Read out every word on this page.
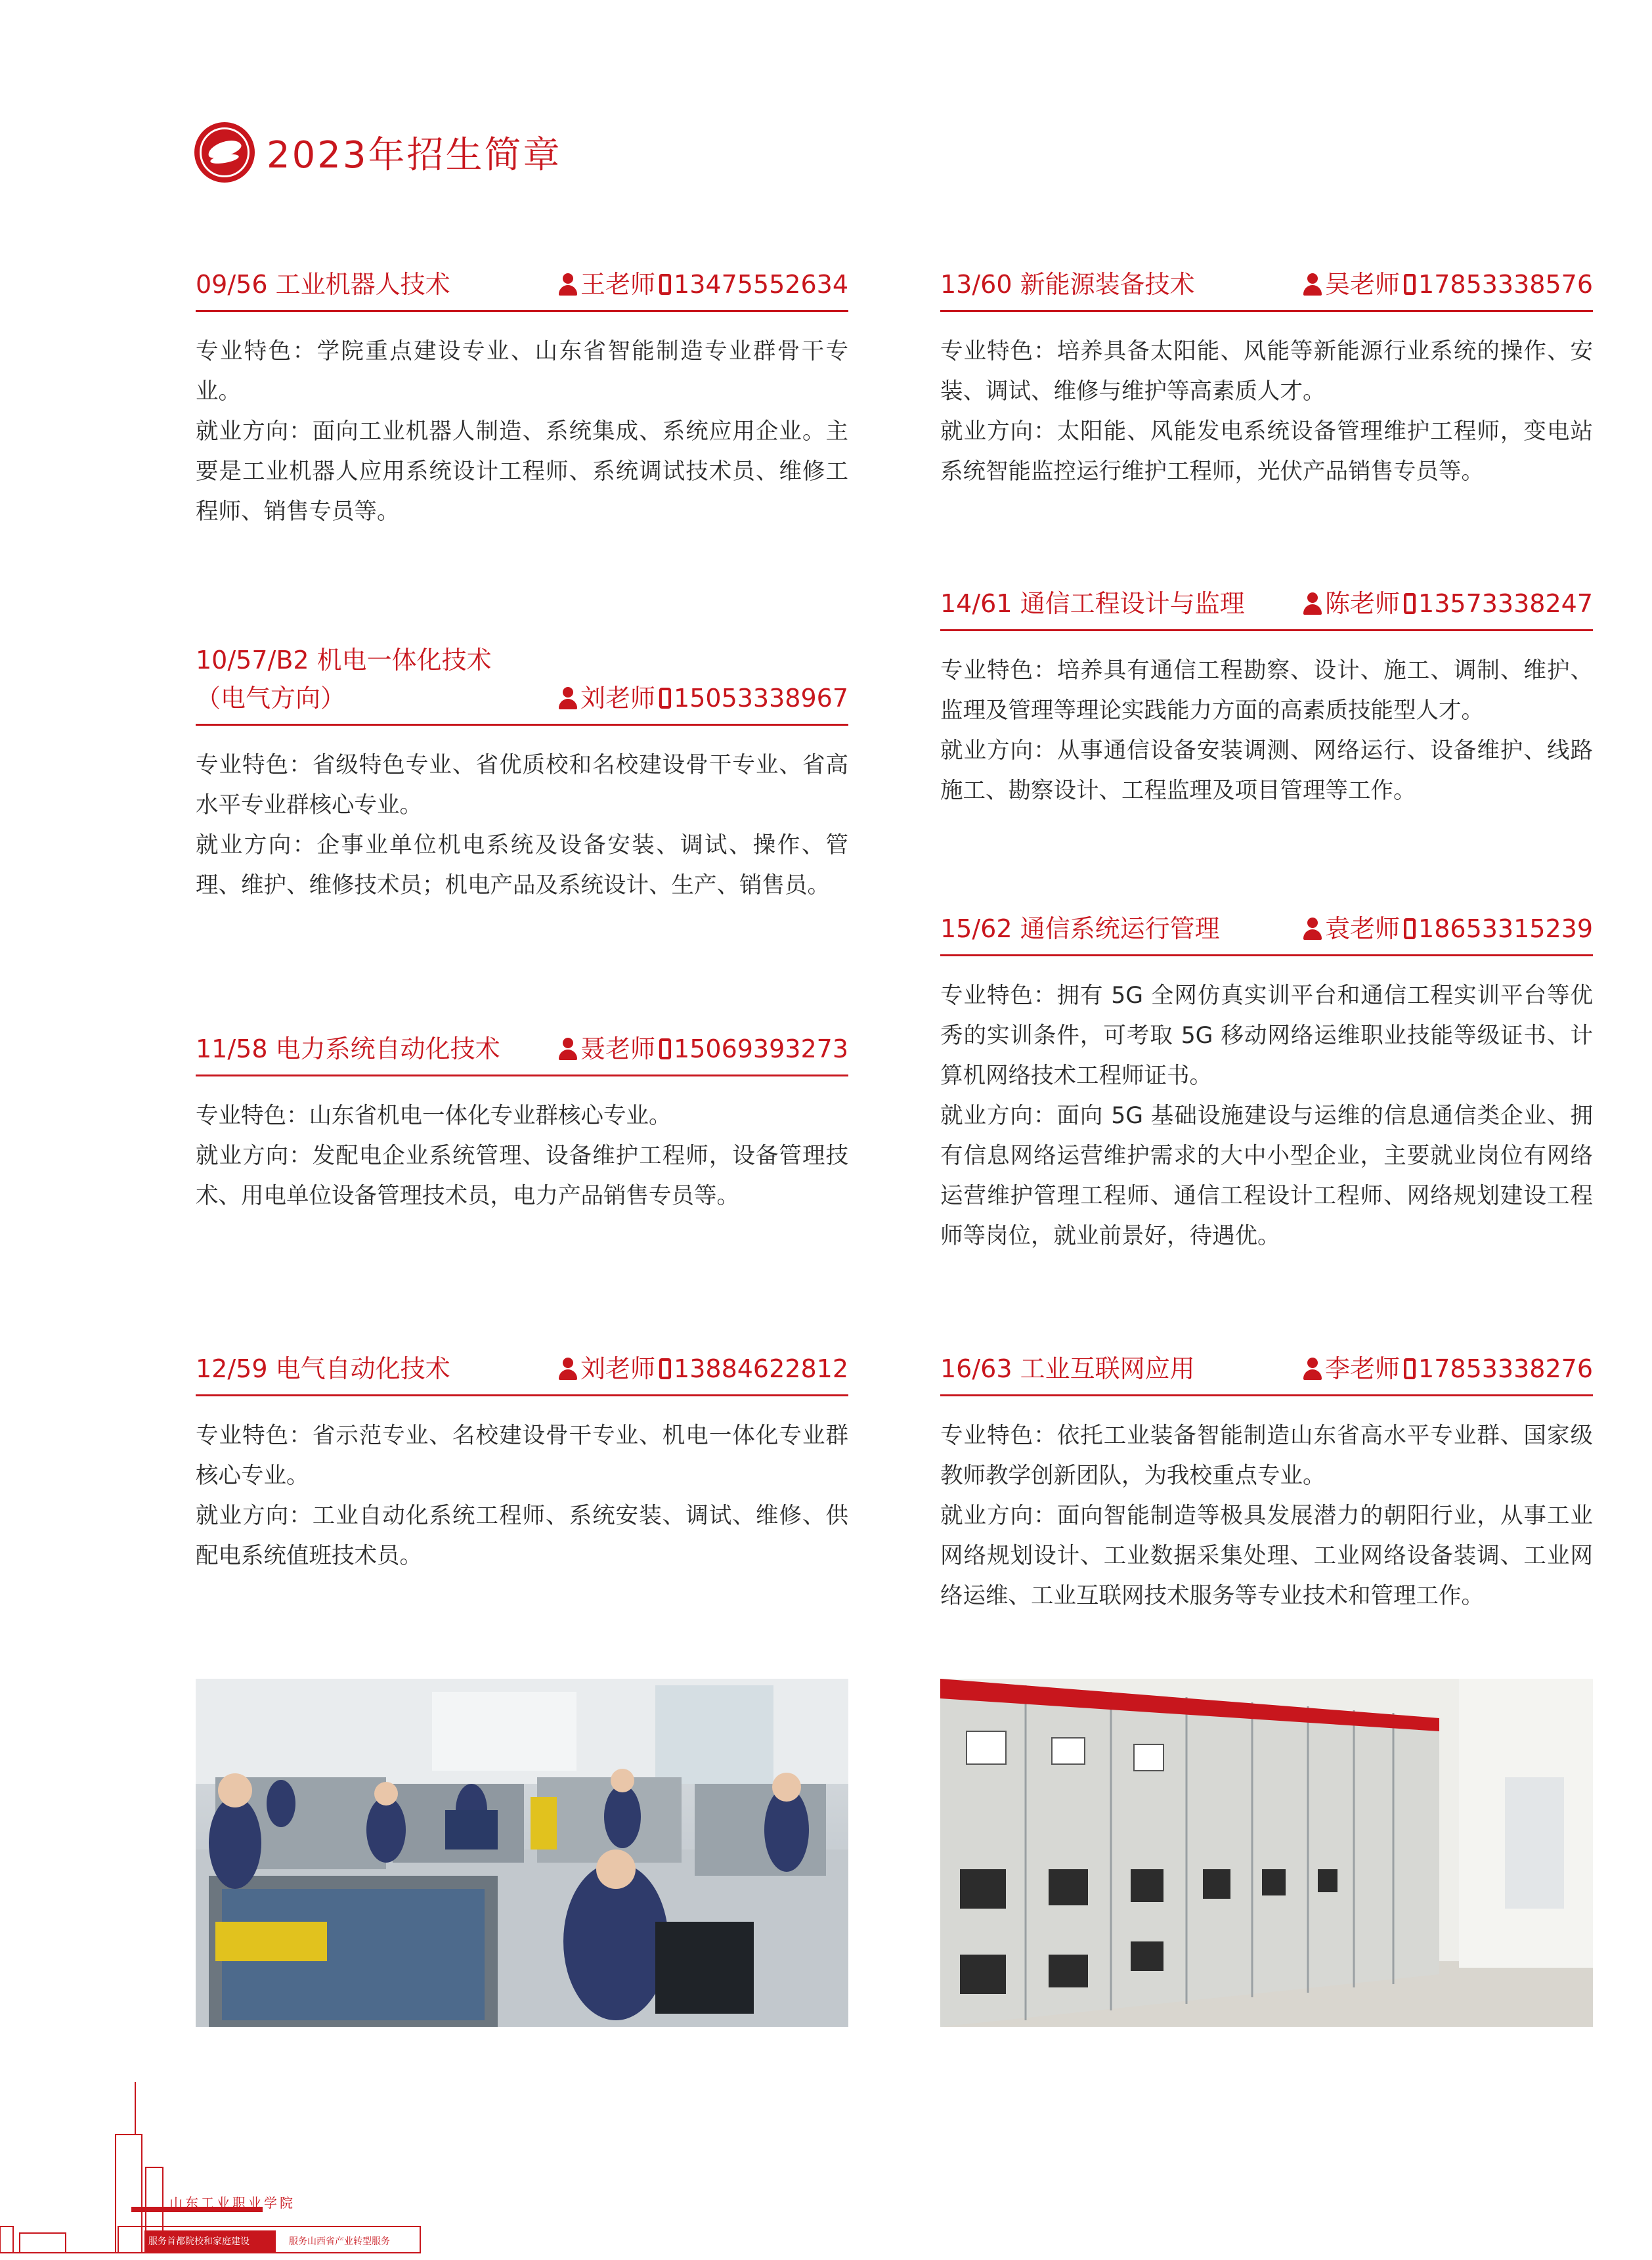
2023年招生简章
09/56 工业机器人技术	王老师 13475552634

专业特色：学院重点建设专业、山东省智能制造专业群骨干专业。

就业方向：面向工业机器人制造、系统集成、系统应用企业。主要是工业机器人应用系统设计工程师、系统调试技术员、维修工程师、销售专员等。

10/57/B2 机电一体化技术
（电气方向）	刘老师 15053338967

专业特色：省级特色专业、省优质校和名校建设骨干专业、省高水平专业群核心专业。

就业方向：企事业单位机电系统及设备安装、调试、操作、管理、维护、维修技术员；机电产品及系统设计、生产、销售员。

11/58 电力系统自动化技术	聂老师 15069393273

专业特色：山东省机电一体化专业群核心专业。

就业方向：发配电企业系统管理、设备维护工程师，设备管理技术、用电单位设备管理技术员，电力产品销售专员等。

12/59 电气自动化技术	刘老师 13884622812

专业特色：省示范专业、名校建设骨干专业、机电一体化专业群核心专业。

就业方向：工业自动化系统工程师、系统安装、调试、维修、供配电系统值班技术员。

13/60 新能源装备技术	吴老师 17853338576

专业特色：培养具备太阳能、风能等新能源行业系统的操作、安装、调试、维修与维护等高素质人才。

就业方向：太阳能、风能发电系统设备管理维护工程师，变电站系统智能监控运行维护工程师，光伏产品销售专员等。

14/61 通信工程设计与监理	陈老师 13573338247

专业特色：培养具有通信工程勘察、设计、施工、调制、维护、监理及管理等理论实践能力方面的高素质技能型人才。

就业方向：从事通信设备安装调测、网络运行、设备维护、线路施工、勘察设计、工程监理及项目管理等工作。

15/62 通信系统运行管理	袁老师 18653315239

专业特色：拥有 5G 全网仿真实训平台和通信工程实训平台等优秀的实训条件，可考取 5G 移动网络运维职业技能等级证书、计算机网络技术工程师证书。

就业方向：面向 5G 基础设施建设与运维的信息通信类企业、拥有信息网络运营维护需求的大中小型企业，主要就业岗位有网络运营维护管理工程师、通信工程设计工程师、网络规划建设工程师等岗位，就业前景好，待遇优。

16/63 工业互联网应用	李老师 17853338276

专业特色：依托工业装备智能制造山东省高水平专业群、国家级教师教学创新团队，为我校重点专业。

就业方向：面向智能制造等极具发展潜力的朝阳行业，从事工业网络规划设计、工业数据采集处理、工业网络设备装调、工业网络运维、工业互联网技术服务等专业技术和管理工作。

山东工业职业学院
服务首都院校和家庭建设	服务山西省产业转型服务
